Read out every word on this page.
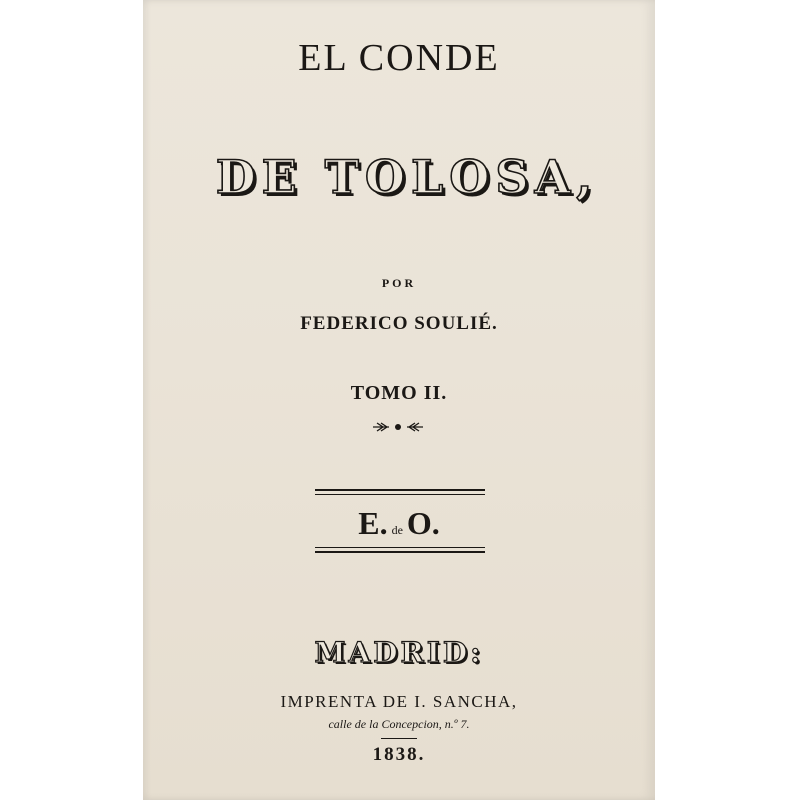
EL CONDE
DE TOLOSA,
POR
FEDERICO SOULIÉ.
TOMO II.
E. de O.
MADRID:
IMPRENTA DE I. SANCHA,
calle de la Concepcion, n.º 7.
1838.
